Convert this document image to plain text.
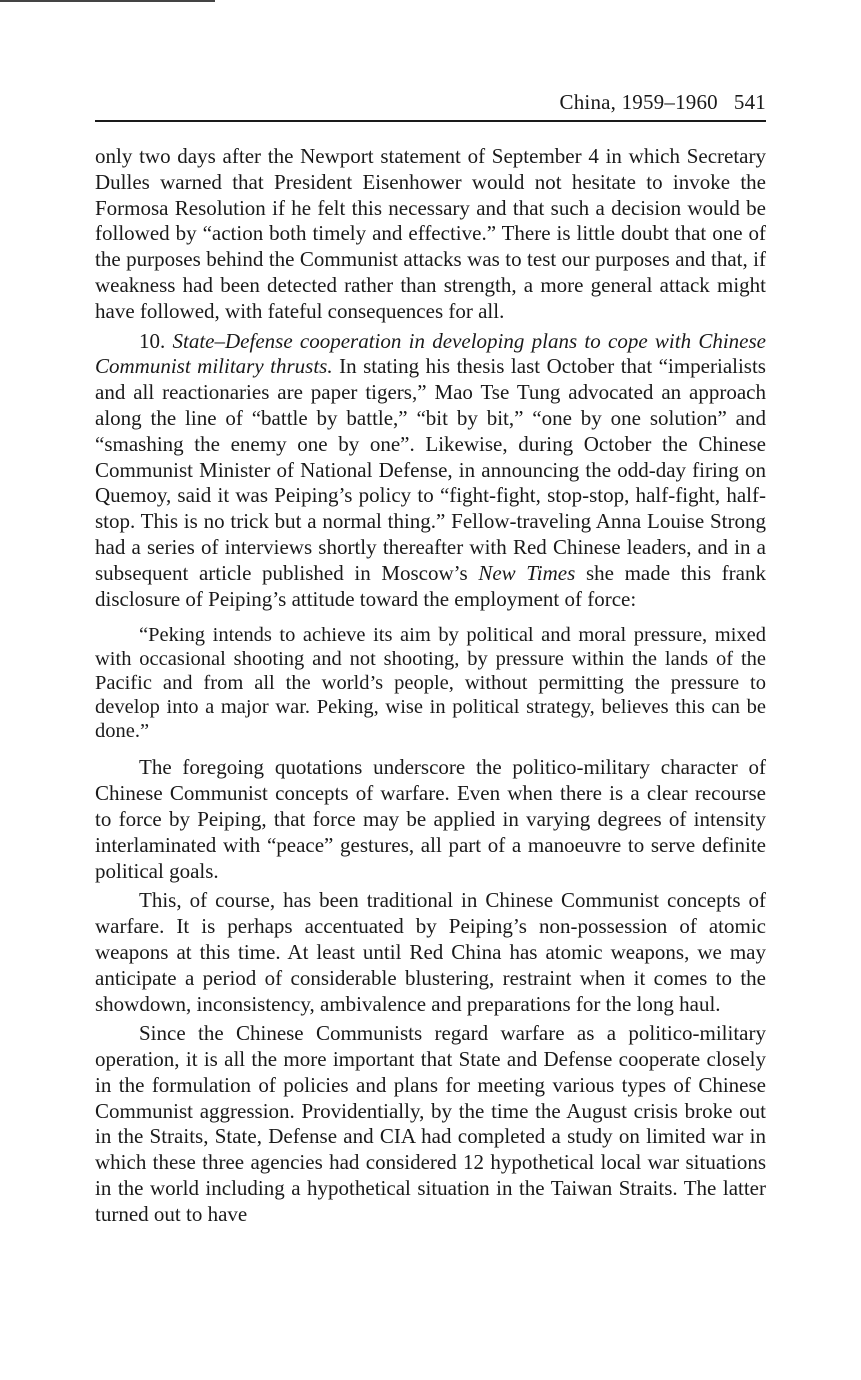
China, 1959–1960 541

only two days after the Newport statement of September 4 in which Secretary Dulles warned that President Eisenhower would not hesitate to invoke the Formosa Resolution if he felt this necessary and that such a decision would be followed by “action both timely and effective.” There is little doubt that one of the purposes behind the Communist attacks was to test our purposes and that, if weakness had been detected rather than strength, a more general attack might have followed, with fateful consequences for all.

10. State–Defense cooperation in developing plans to cope with Chinese Communist military thrusts. In stating his thesis last October that “imperialists and all reactionaries are paper tigers,” Mao Tse Tung advocated an approach along the line of “battle by battle,” “bit by bit,” “one by one solution” and “smashing the enemy one by one”. Likewise, during October the Chinese Communist Minister of National Defense, in announcing the odd-day firing on Quemoy, said it was Peiping’s policy to “fight-fight, stop-stop, half-fight, half-stop. This is no trick but a normal thing.” Fellow-traveling Anna Louise Strong had a series of interviews shortly thereafter with Red Chinese leaders, and in a subsequent article published in Moscow’s New Times she made this frank disclosure of Peiping’s attitude toward the employment of force:

“Peking intends to achieve its aim by political and moral pressure, mixed with occasional shooting and not shooting, by pressure within the lands of the Pacific and from all the world’s people, without permitting the pressure to develop into a major war. Peking, wise in political strategy, believes this can be done.”

The foregoing quotations underscore the politico-military character of Chinese Communist concepts of warfare. Even when there is a clear recourse to force by Peiping, that force may be applied in varying degrees of intensity interlaminated with “peace” gestures, all part of a manoeuvre to serve definite political goals.

This, of course, has been traditional in Chinese Communist concepts of warfare. It is perhaps accentuated by Peiping’s non-possession of atomic weapons at this time. At least until Red China has atomic weapons, we may anticipate a period of considerable blustering, restraint when it comes to the showdown, inconsistency, ambivalence and preparations for the long haul.

Since the Chinese Communists regard warfare as a politico-military operation, it is all the more important that State and Defense cooperate closely in the formulation of policies and plans for meeting various types of Chinese Communist aggression. Providentially, by the time the August crisis broke out in the Straits, State, Defense and CIA had completed a study on limited war in which these three agencies had considered 12 hypothetical local war situations in the world including a hypothetical situation in the Taiwan Straits. The latter turned out to have
